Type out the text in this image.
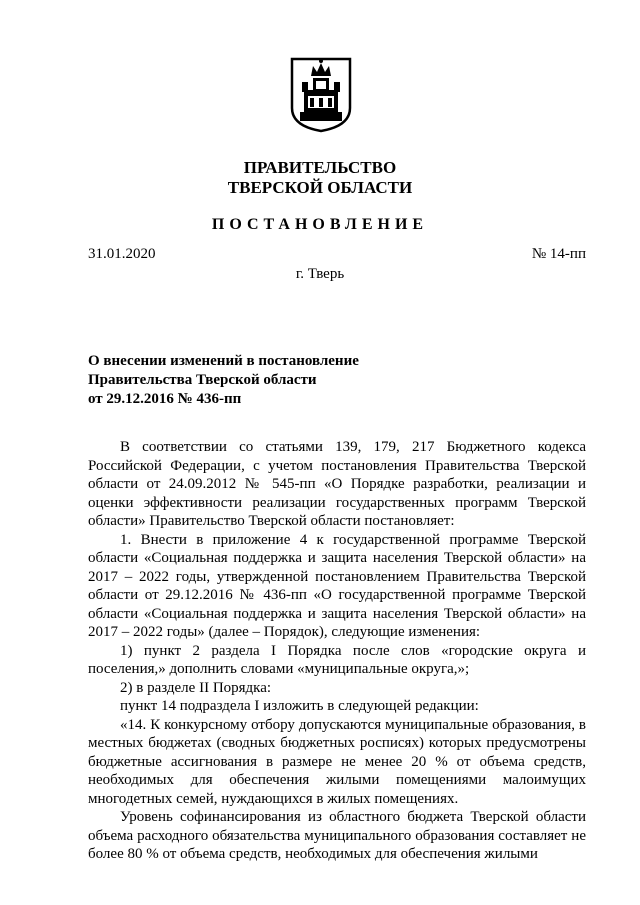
ПРАВИТЕЛЬСТВО
ТВЕРСКОЙ ОБЛАСТИ
ПОСТАНОВЛЕНИЕ
31.01.2020	№ 14-пп
г. Тверь
О внесении изменений в постановление
Правительства Тверской области
от 29.12.2016 № 436-пп

В соответствии со статьями 139, 179, 217 Бюджетного кодекса Российской Федерации, с учетом постановления Правительства Тверской области от 24.09.2012 № 545-пп «О Порядке разработки, реализации и оценки эффективности реализации государственных программ Тверской области» Правительство Тверской области постановляет:

1. Внести в приложение 4 к государственной программе Тверской области «Социальная поддержка и защита населения Тверской области» на 2017 – 2022 годы, утвержденной постановлением Правительства Тверской области от 29.12.2016 № 436-пп «О государственной программе Тверской области «Социальная поддержка и защита населения Тверской области» на 2017 – 2022 годы» (далее – Порядок), следующие изменения:

1) пункт 2 раздела I Порядка после слов «городские округа и поселения,» дополнить словами «муниципальные округа,»;

2) в разделе II Порядка:

пункт 14 подраздела I изложить в следующей редакции:

«14. К конкурсному отбору допускаются муниципальные образования, в местных бюджетах (сводных бюджетных росписях) которых предусмотрены бюджетные ассигнования в размере не менее 20 % от объема средств, необходимых для обеспечения жилыми помещениями малоимущих многодетных семей, нуждающихся в жилых помещениях.

Уровень софинансирования из областного бюджета Тверской области объема расходного обязательства муниципального образования составляет не более 80 % от объема средств, необходимых для обеспечения жилыми
